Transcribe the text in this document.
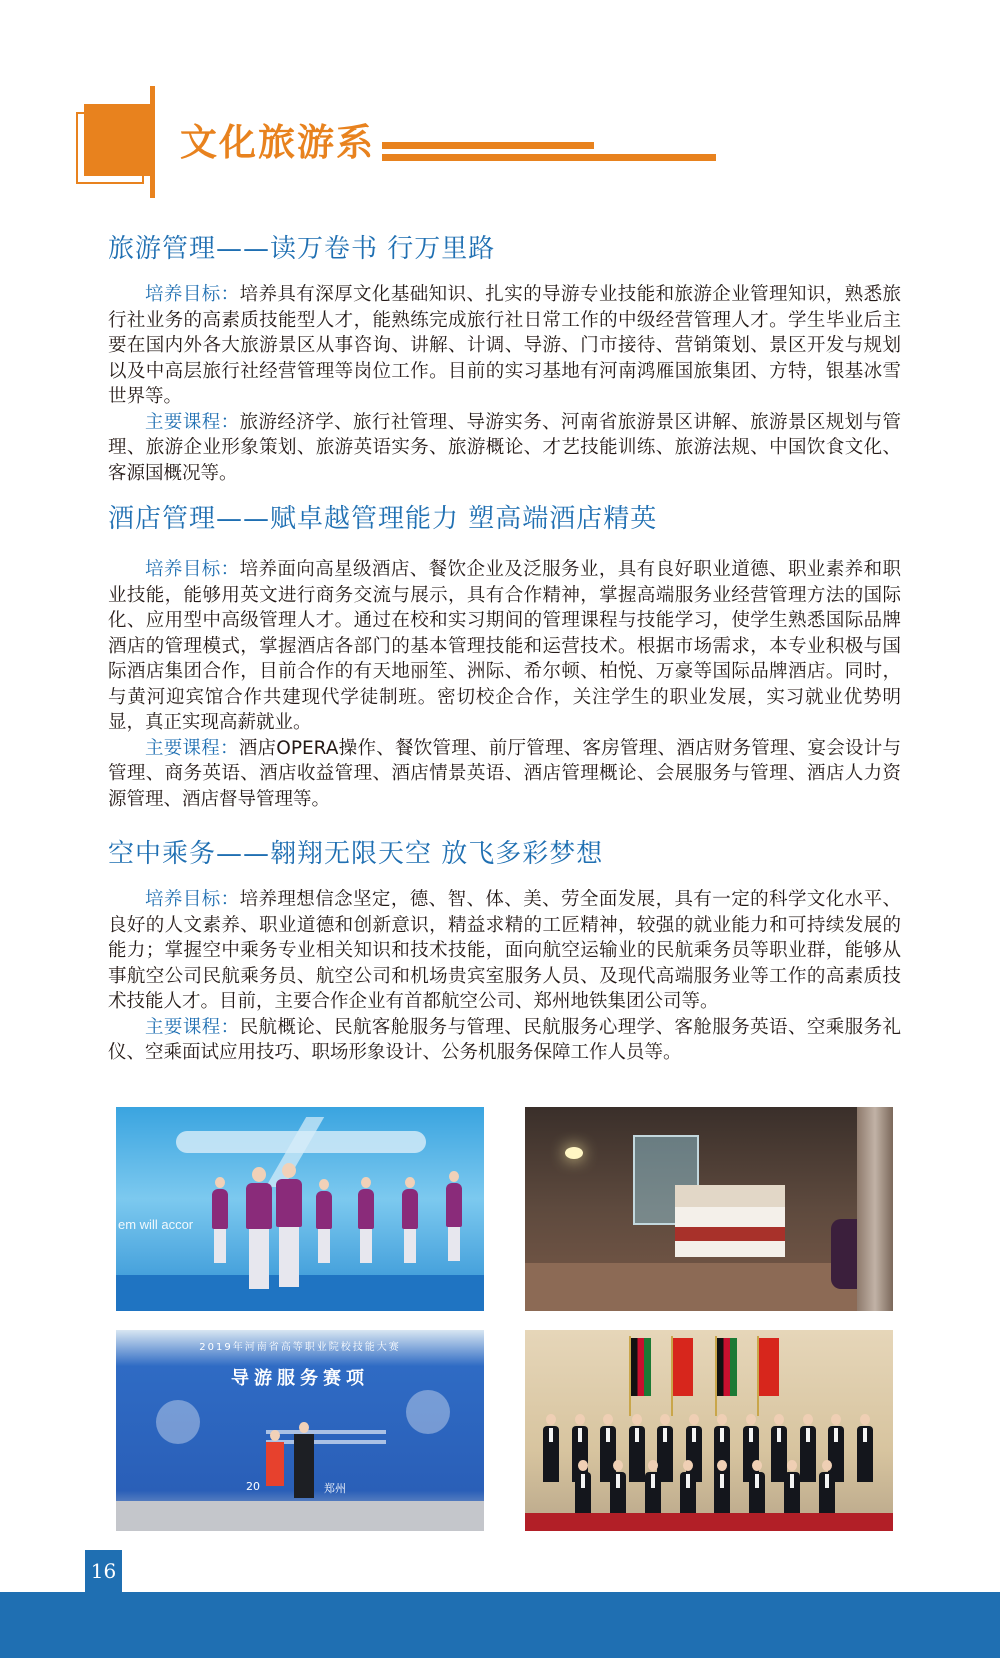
文化旅游系
旅游管理——读万卷书 行万里路

培养目标：培养具有深厚文化基础知识、扎实的导游专业技能和旅游企业管理知识，熟悉旅行社业务的高素质技能型人才，能熟练完成旅行社日常工作的中级经营管理人才。学生毕业后主要在国内外各大旅游景区从事咨询、讲解、计调、导游、门市接待、营销策划、景区开发与规划以及中高层旅行社经营管理等岗位工作。目前的实习基地有河南鸿雁国旅集团、方特，银基冰雪世界等。

主要课程：旅游经济学、旅行社管理、导游实务、河南省旅游景区讲解、旅游景区规划与管理、旅游企业形象策划、旅游英语实务、旅游概论、才艺技能训练、旅游法规、中国饮食文化、客源国概况等。

酒店管理——赋卓越管理能力 塑高端酒店精英

培养目标：培养面向高星级酒店、餐饮企业及泛服务业，具有良好职业道德、职业素养和职业技能，能够用英文进行商务交流与展示，具有合作精神，掌握高端服务业经营管理方法的国际化、应用型中高级管理人才。通过在校和实习期间的管理课程与技能学习，使学生熟悉国际品牌酒店的管理模式，掌握酒店各部门的基本管理技能和运营技术。根据市场需求，本专业积极与国际酒店集团合作，目前合作的有天地丽笙、洲际、希尔顿、柏悦、万豪等国际品牌酒店。同时，与黄河迎宾馆合作共建现代学徒制班。密切校企合作，关注学生的职业发展，实习就业优势明显，真正实现高薪就业。

主要课程：酒店OPERA操作、餐饮管理、前厅管理、客房管理、酒店财务管理、宴会设计与管理、商务英语、酒店收益管理、酒店情景英语、酒店管理概论、会展服务与管理、酒店人力资源管理、酒店督导管理等。

空中乘务——翱翔无限天空 放飞多彩梦想

培养目标：培养理想信念坚定，德、智、体、美、劳全面发展，具有一定的科学文化水平、良好的人文素养、职业道德和创新意识，精益求精的工匠精神，较强的就业能力和可持续发展的能力；掌握空中乘务专业相关知识和技术技能，面向航空运输业的民航乘务员等职业群，能够从事航空公司民航乘务员、航空公司和机场贵宾室服务人员、及现代高端服务业等工作的高素质技术技能人才。目前，主要合作企业有首都航空公司、郑州地铁集团公司等。

主要课程：民航概论、民航客舱服务与管理、民航服务心理学、客舱服务英语、空乘服务礼仪、空乘面试应用技巧、职场形象设计、公务机服务保障工作人员等。

em will accor
2019年河南省高等职业院校技能大赛
导游服务赛项
20	郑州
16
